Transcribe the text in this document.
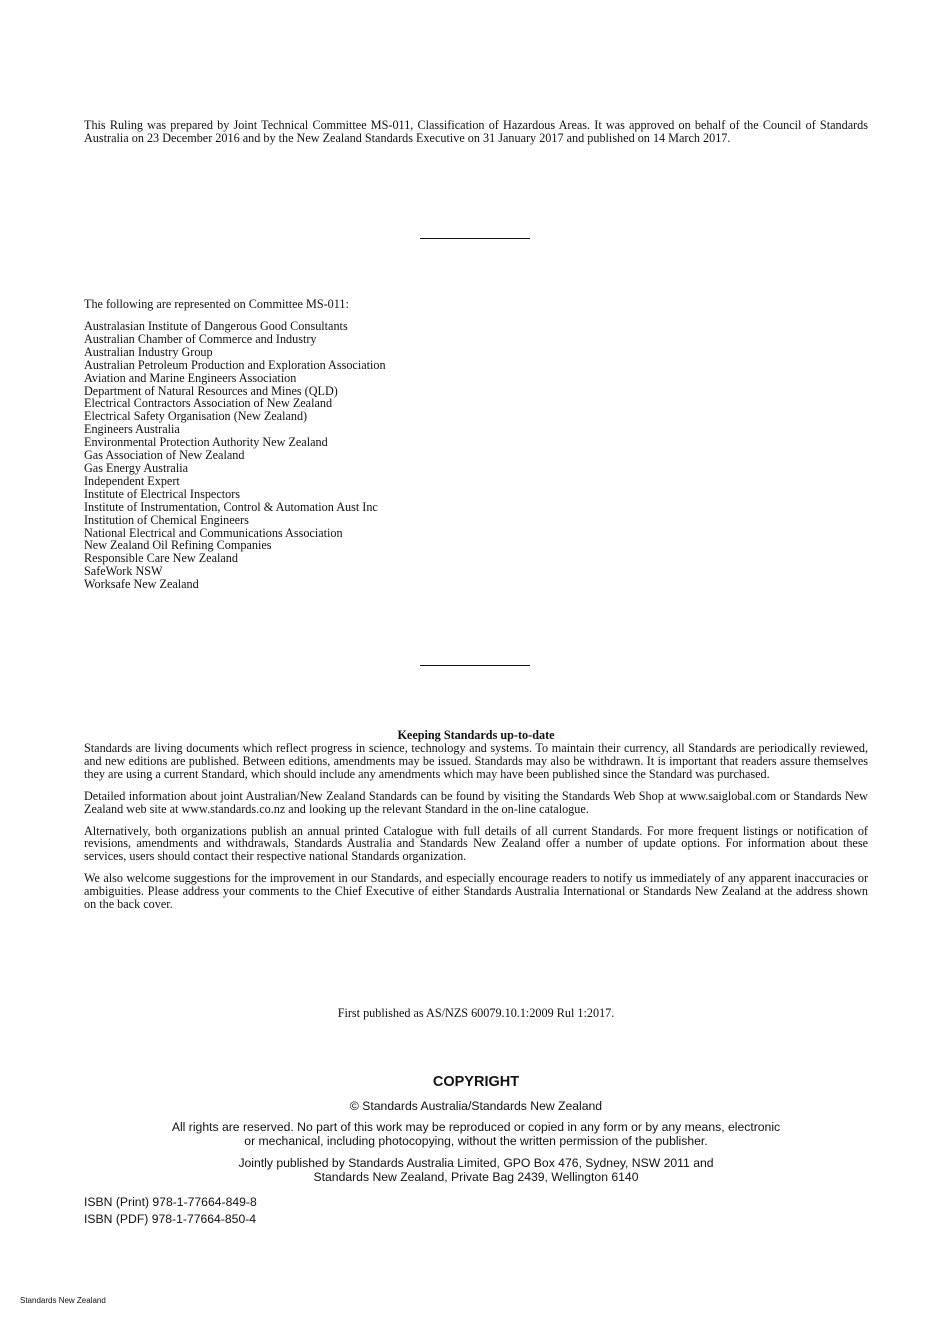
This Ruling was prepared by Joint Technical Committee MS-011, Classification of Hazardous Areas. It was approved on behalf of the Council of Standards Australia on 23 December 2016 and by the New Zealand Standards Executive on 31 January 2017 and published on 14 March 2017.
The following are represented on Committee MS-011:
Australasian Institute of Dangerous Good Consultants
Australian Chamber of Commerce and Industry
Australian Industry Group
Australian Petroleum Production and Exploration Association
Aviation and Marine Engineers Association
Department of Natural Resources and Mines (QLD)
Electrical Contractors Association of New Zealand
Electrical Safety Organisation (New Zealand)
Engineers Australia
Environmental Protection Authority New Zealand
Gas Association of New Zealand
Gas Energy Australia
Independent Expert
Institute of Electrical Inspectors
Institute of Instrumentation, Control & Automation Aust Inc
Institution of Chemical Engineers
National Electrical and Communications Association
New Zealand Oil Refining Companies
Responsible Care New Zealand
SafeWork NSW
Worksafe New Zealand
Keeping Standards up-to-date

Standards are living documents which reflect progress in science, technology and systems. To maintain their currency, all Standards are periodically reviewed, and new editions are published. Between editions, amendments may be issued. Standards may also be withdrawn. It is important that readers assure themselves they are using a current Standard, which should include any amendments which may have been published since the Standard was purchased.

Detailed information about joint Australian/New Zealand Standards can be found by visiting the Standards Web Shop at www.saiglobal.com or Standards New Zealand web site at www.standards.co.nz and looking up the relevant Standard in the on-line catalogue.

Alternatively, both organizations publish an annual printed Catalogue with full details of all current Standards. For more frequent listings or notification of revisions, amendments and withdrawals, Standards Australia and Standards New Zealand offer a number of update options. For information about these services, users should contact their respective national Standards organization.

We also welcome suggestions for the improvement in our Standards, and especially encourage readers to notify us immediately of any apparent inaccuracies or ambiguities. Please address your comments to the Chief Executive of either Standards Australia International or Standards New Zealand at the address shown on the back cover.

First published as AS/NZS 60079.10.1:2009 Rul 1:2017.
COPYRIGHT
© Standards Australia/Standards New Zealand
All rights are reserved. No part of this work may be reproduced or copied in any form or by any means, electronic
or mechanical, including photocopying, without the written permission of the publisher.
Jointly published by Standards Australia Limited, GPO Box 476, Sydney, NSW 2011 and
Standards New Zealand, Private Bag 2439, Wellington 6140
ISBN (Print) 978-1-77664-849-8
ISBN (PDF) 978-1-77664-850-4
Standards New Zealand
